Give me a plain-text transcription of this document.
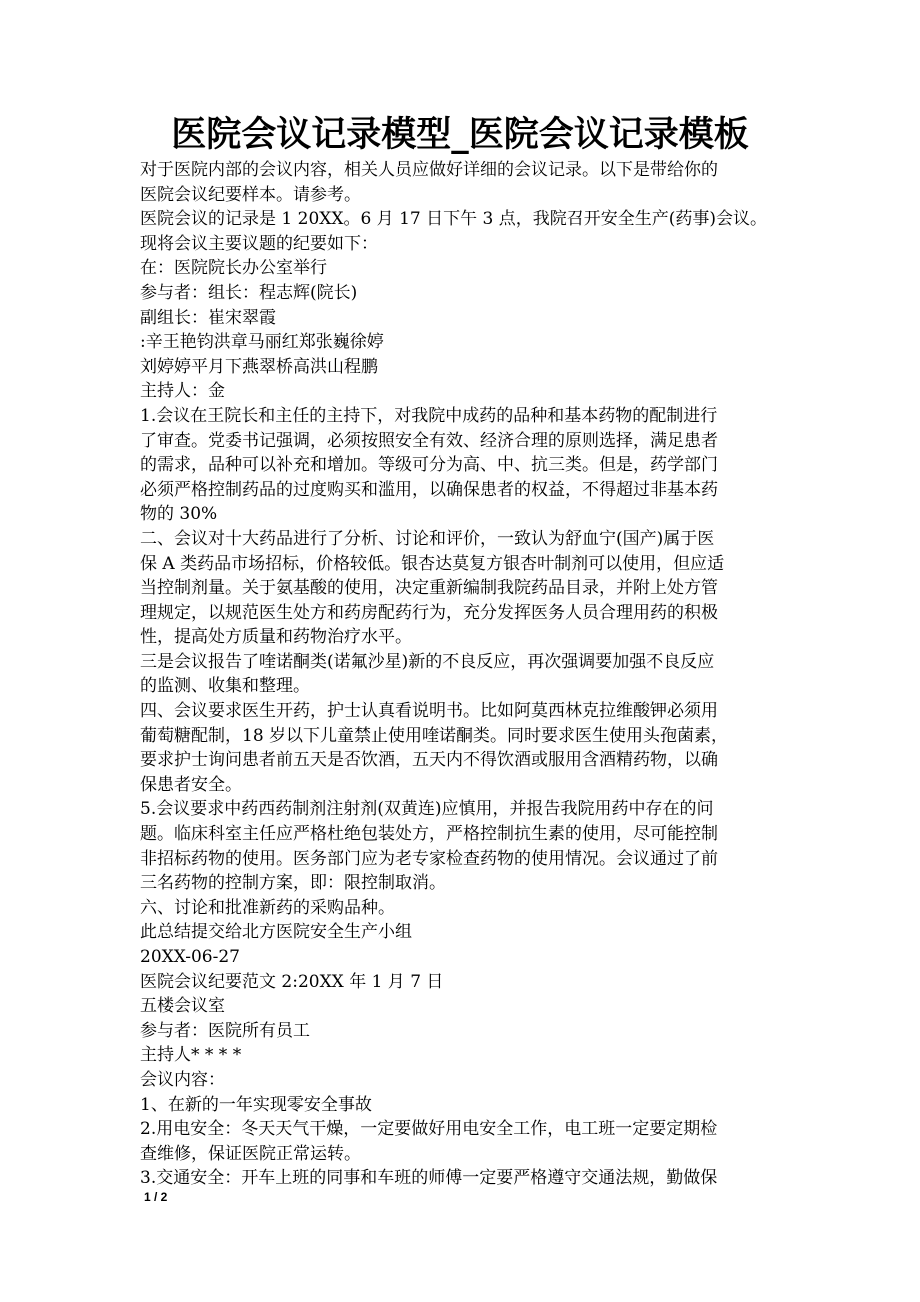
医院会议记录模型_医院会议记录模板
对于医院内部的会议内容，相关人员应做好详细的会议记录。以下是带给你的
医院会议纪要样本。请参考。
医院会议的记录是 1 20XX。6 月 17 日下午 3 点，我院召开安全生产(药事)会议。
现将会议主要议题的纪要如下：
在：医院院长办公室举行
参与者：组长：程志辉(院长)
副组长：崔宋翠霞
:辛王艳钧洪章马丽红郑张巍徐婷
刘婷婷平月下燕翠桥高洪山程鹏
主持人：金
1.会议在王院长和主任的主持下，对我院中成药的品种和基本药物的配制进行
了审查。党委书记强调，必须按照安全有效、经济合理的原则选择，满足患者
的需求，品种可以补充和增加。等级可分为高、中、抗三类。但是，药学部门
必须严格控制药品的过度购买和滥用，以确保患者的权益，不得超过非基本药
物的 30%
二、会议对十大药品进行了分析、讨论和评价，一致认为舒血宁(国产)属于医
保 A 类药品市场招标，价格较低。银杏达莫复方银杏叶制剂可以使用，但应适
当控制剂量。关于氨基酸的使用，决定重新编制我院药品目录，并附上处方管
理规定，以规范医生处方和药房配药行为，充分发挥医务人员合理用药的积极
性，提高处方质量和药物治疗水平。
三是会议报告了喹诺酮类(诺氟沙星)新的不良反应，再次强调要加强不良反应
的监测、收集和整理。
四、会议要求医生开药，护士认真看说明书。比如阿莫西林克拉维酸钾必须用
葡萄糖配制，18 岁以下儿童禁止使用喹诺酮类。同时要求医生使用头孢菌素，
要求护士询问患者前五天是否饮酒，五天内不得饮酒或服用含酒精药物，以确
保患者安全。
5.会议要求中药西药制剂注射剂(双黄连)应慎用，并报告我院用药中存在的问
题。临床科室主任应严格杜绝包装处方，严格控制抗生素的使用，尽可能控制
非招标药物的使用。医务部门应为老专家检查药物的使用情况。会议通过了前
三名药物的控制方案，即：限控制取消。
六、讨论和批准新药的采购品种。
此总结提交给北方医院安全生产小组
20XX-06-27
医院会议纪要范文 2:20XX 年 1 月 7 日
五楼会议室
参与者：医院所有员工
主持人* * * *
会议内容：
1、在新的一年实现零安全事故
2.用电安全：冬天天气干燥，一定要做好用电安全工作，电工班一定要定期检
查维修，保证医院正常运转。
3.交通安全：开车上班的同事和车班的师傅一定要严格遵守交通法规，勤做保
1 / 2
